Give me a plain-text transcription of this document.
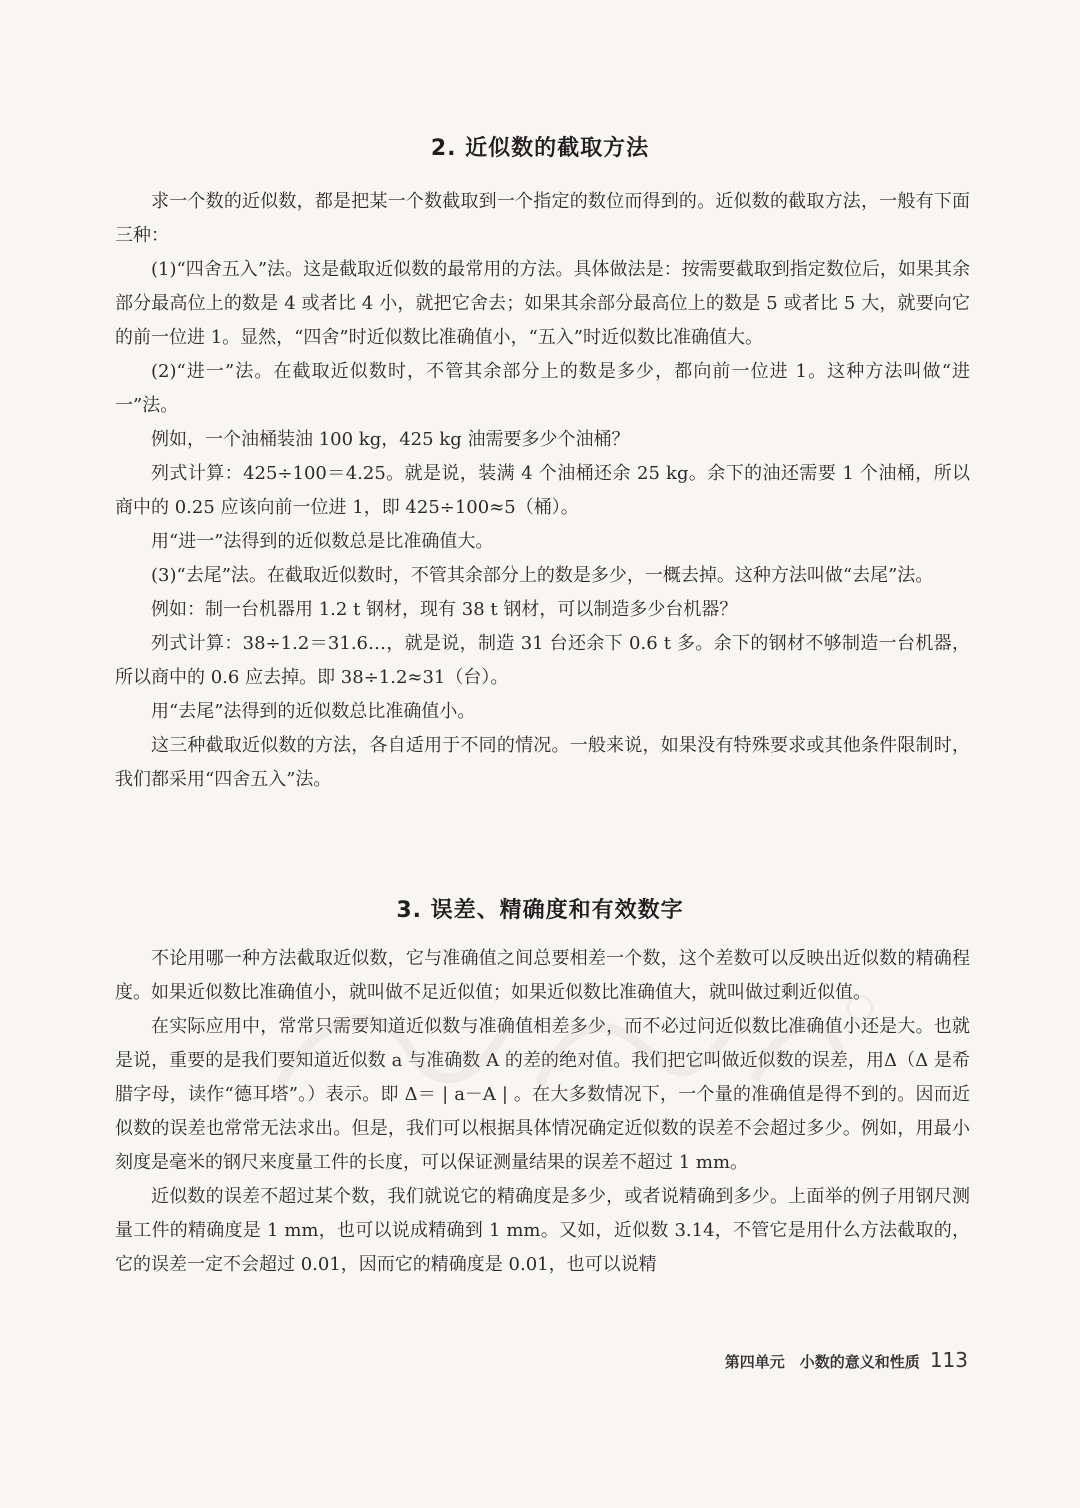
2. 近似数的截取方法

求一个数的近似数，都是把某一个数截取到一个指定的数位而得到的。近似数的截取方法，一般有下面三种：

(1)“四舍五入”法。这是截取近似数的最常用的方法。具体做法是：按需要截取到指定数位后，如果其余部分最高位上的数是 4 或者比 4 小，就把它舍去；如果其余部分最高位上的数是 5 或者比 5 大，就要向它的前一位进 1。显然，“四舍”时近似数比准确值小，“五入”时近似数比准确值大。

(2)“进一”法。在截取近似数时，不管其余部分上的数是多少，都向前一位进 1。这种方法叫做“进一”法。

例如，一个油桶装油 100 kg，425 kg 油需要多少个油桶？

列式计算：425÷100＝4.25。就是说，装满 4 个油桶还余 25 kg。余下的油还需要 1 个油桶，所以商中的 0.25 应该向前一位进 1，即 425÷100≈5（桶）。

用“进一”法得到的近似数总是比准确值大。

(3)“去尾”法。在截取近似数时，不管其余部分上的数是多少，一概去掉。这种方法叫做“去尾”法。

例如：制一台机器用 1.2 t 钢材，现有 38 t 钢材，可以制造多少台机器？

列式计算：38÷1.2＝31.6…，就是说，制造 31 台还余下 0.6 t 多。余下的钢材不够制造一台机器，所以商中的 0.6 应去掉。即 38÷1.2≈31（台）。

用“去尾”法得到的近似数总比准确值小。

这三种截取近似数的方法，各自适用于不同的情况。一般来说，如果没有特殊要求或其他条件限制时，我们都采用“四舍五入”法。

3. 误差、精确度和有效数字

不论用哪一种方法截取近似数，它与准确值之间总要相差一个数，这个差数可以反映出近似数的精确程度。如果近似数比准确值小，就叫做不足近似值；如果近似数比准确值大，就叫做过剩近似值。

在实际应用中，常常只需要知道近似数与准确值相差多少，而不必过问近似数比准确值小还是大。也就是说，重要的是我们要知道近似数 a 与准确数 A 的差的绝对值。我们把它叫做近似数的误差，用Δ（Δ 是希腊字母，读作“德耳塔”。）表示。即 Δ＝ | a－A | 。在大多数情况下，一个量的准确值是得不到的。因而近似数的误差也常常无法求出。但是，我们可以根据具体情况确定近似数的误差不会超过多少。例如，用最小刻度是毫米的钢尺来度量工件的长度，可以保证测量结果的误差不超过 1 mm。

近似数的误差不超过某个数，我们就说它的精确度是多少，或者说精确到多少。上面举的例子用钢尺测量工件的精确度是 1 mm，也可以说成精确到 1 mm。又如，近似数 3.14，不管它是用什么方法截取的，它的误差一定不会超过 0.01，因而它的精确度是 0.01，也可以说精

第四单元　小数的意义和性质 113
